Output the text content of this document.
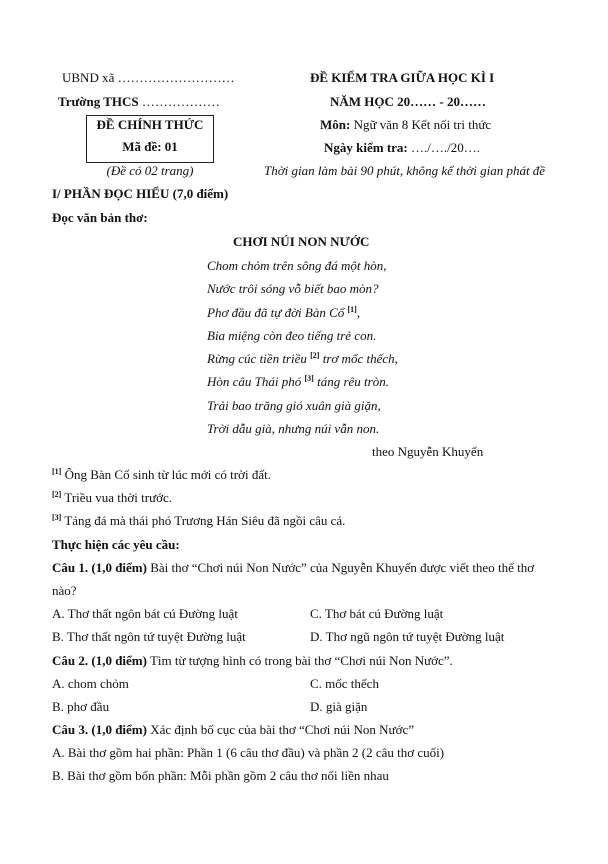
UBND xã ………………………
Trường THCS ………………
ĐỀ CHÍNH THỨC
Mã đề: 01
(Đề có 02 trang)
ĐỀ KIỂM TRA GIỮA HỌC KÌ I
NĂM HỌC 20…… - 20……
Môn: Ngữ văn 8 Kết nối tri thức
Ngày kiểm tra: …./…./20….
Thời gian làm bài 90 phút, không kể thời gian phát đề
I/ PHẦN ĐỌC HIỂU (7,0 điểm)
Đọc văn bản thơ:
CHƠI NÚI NON NƯỚC
Chom chỏm trên sông đá một hòn,
Nước trôi sóng vỗ biết bao mòn?
Phơ đầu đã tự đời Bàn Cổ [1],
Bia miệng còn đeo tiếng trẻ con.
Rừng cúc tiền triều [2] trơ mốc thếch,
Hòn câu Thái phó [3] táng rêu tròn.
Trải bao trăng gió xuân già giặn,
Trời dẫu già, nhưng núi vẫn non.
theo Nguyễn Khuyến
[1] Ông Bàn Cổ sinh từ lúc mới có trời đất.
[2] Triều vua thời trước.
[3] Tảng đá mà thái phó Trương Hán Siêu đã ngồi câu cá.
Thực hiện các yêu cầu:
Câu 1. (1,0 điểm) Bài thơ “Chơi núi Non Nước” của Nguyễn Khuyến được viết theo thể thơ
nào?
A. Thơ thất ngôn bát cú Đường luật	C. Thơ bát cú Đường luật
B. Thơ thất ngôn tứ tuyệt Đường luật	D. Thơ ngũ ngôn tứ tuyệt Đường luật
Câu 2. (1,0 điểm) Tìm từ tượng hình có trong bài thơ “Chơi núi Non Nước”.
A. chom chỏm	C. mốc thếch
B. phơ đầu	D. già giặn
Câu 3. (1,0 điểm) Xác định bố cục của bài thơ “Chơi núi Non Nước”
A. Bài thơ gồm hai phần: Phần 1 (6 câu thơ đầu) và phần 2 (2 câu thơ cuối)
B. Bài thơ gồm bốn phần: Mỗi phần gồm 2 câu thơ nối liền nhau
